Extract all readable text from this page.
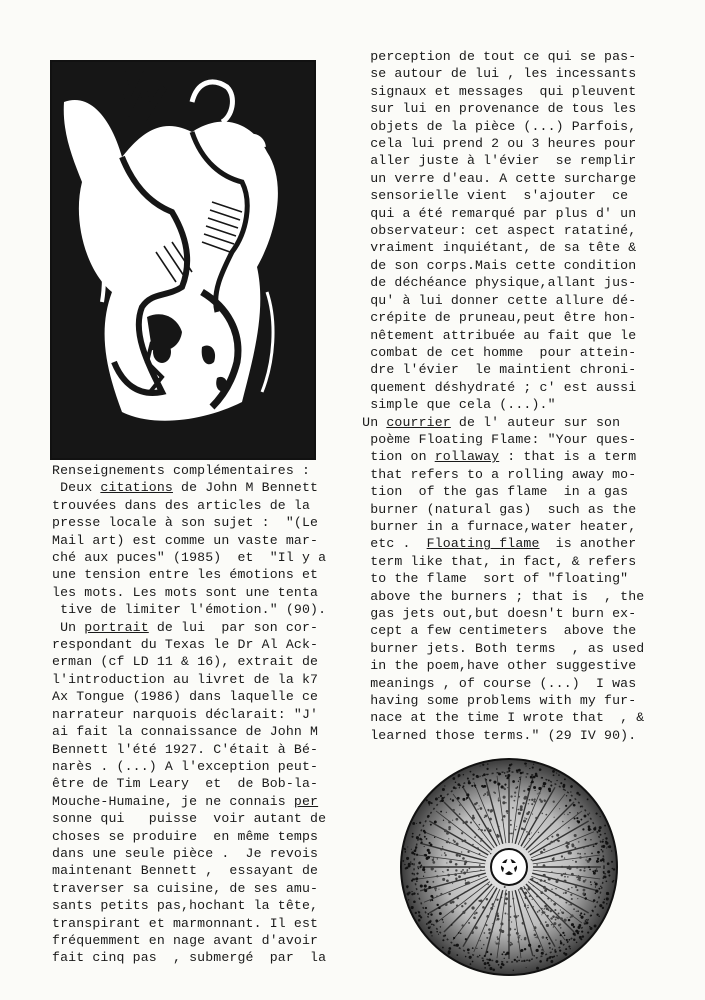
Renseignements complémentaires :
Deux citations de John M Bennett
trouvées dans des articles de la
presse locale à son sujet :  "(Le
Mail art) est comme un vaste mar-
ché aux puces" (1985)  et  "Il y a
une tension entre les émotions et
les mots. Les mots sont une tenta
tive de limiter l'émotion." (90).
Un portrait de lui  par son cor-
respondant du Texas le Dr Al Ack-
erman (cf LD 11 & 16), extrait de
l'introduction au livret de la k7
Ax Tongue (1986) dans laquelle ce
narrateur narquois déclarait: "J'
ai fait la connaissance de John M
Bennett l'été 1927. C'était à Bé-
narès . (...) A l'exception peut-
être de Tim Leary  et  de Bob-la-
Mouche-Humaine, je ne connais per
sonne qui   puisse  voir autant de
choses se produire  en même temps
dans une seule pièce .  Je revois
maintenant Bennett ,  essayant de
traverser sa cuisine, de ses amu-
sants petits pas,hochant la tête,
transpirant et marmonnant. Il est
fréquemment en nage avant d'avoir
fait cinq pas  , submergé  par  la
perception de tout ce qui se pas-
se autour de lui , les incessants
signaux et messages  qui pleuvent
sur lui en provenance de tous les
objets de la pièce (...) Parfois,
cela lui prend 2 ou 3 heures pour
aller juste à l'évier  se remplir
un verre d'eau. A cette surcharge
sensorielle vient  s'ajouter  ce
qui a été remarqué par plus d' un
observateur: cet aspect ratatiné,
vraiment inquiétant, de sa tête &
de son corps.Mais cette condition
de déchéance physique,allant jus-
qu' à lui donner cette allure dé-
crépite de pruneau,peut être hon-
nêtement attribuée au fait que le
combat de cet homme  pour attein-
dre l'évier  le maintient chroni-
quement déshydraté ; c' est aussi
simple que cela (...)."
Un courrier de l' auteur sur son
poème Floating Flame: "Your ques-
tion on rollaway : that is a term
that refers to a rolling away mo-
tion  of the gas flame  in a gas
burner (natural gas)  such as the
burner in a furnace,water heater,
etc .  Floating flame  is another
term like that, in fact, & refers
to the flame  sort of "floating"
above the burners ; that is  , the
gas jets out,but doesn't burn ex-
cept a few centimeters  above the
burner jets. Both terms  , as used
in the poem,have other suggestive
meanings , of course (...)  I was
having some problems with my fur-
nace at the time I wrote that  , &
learned those terms." (29 IV 90).
